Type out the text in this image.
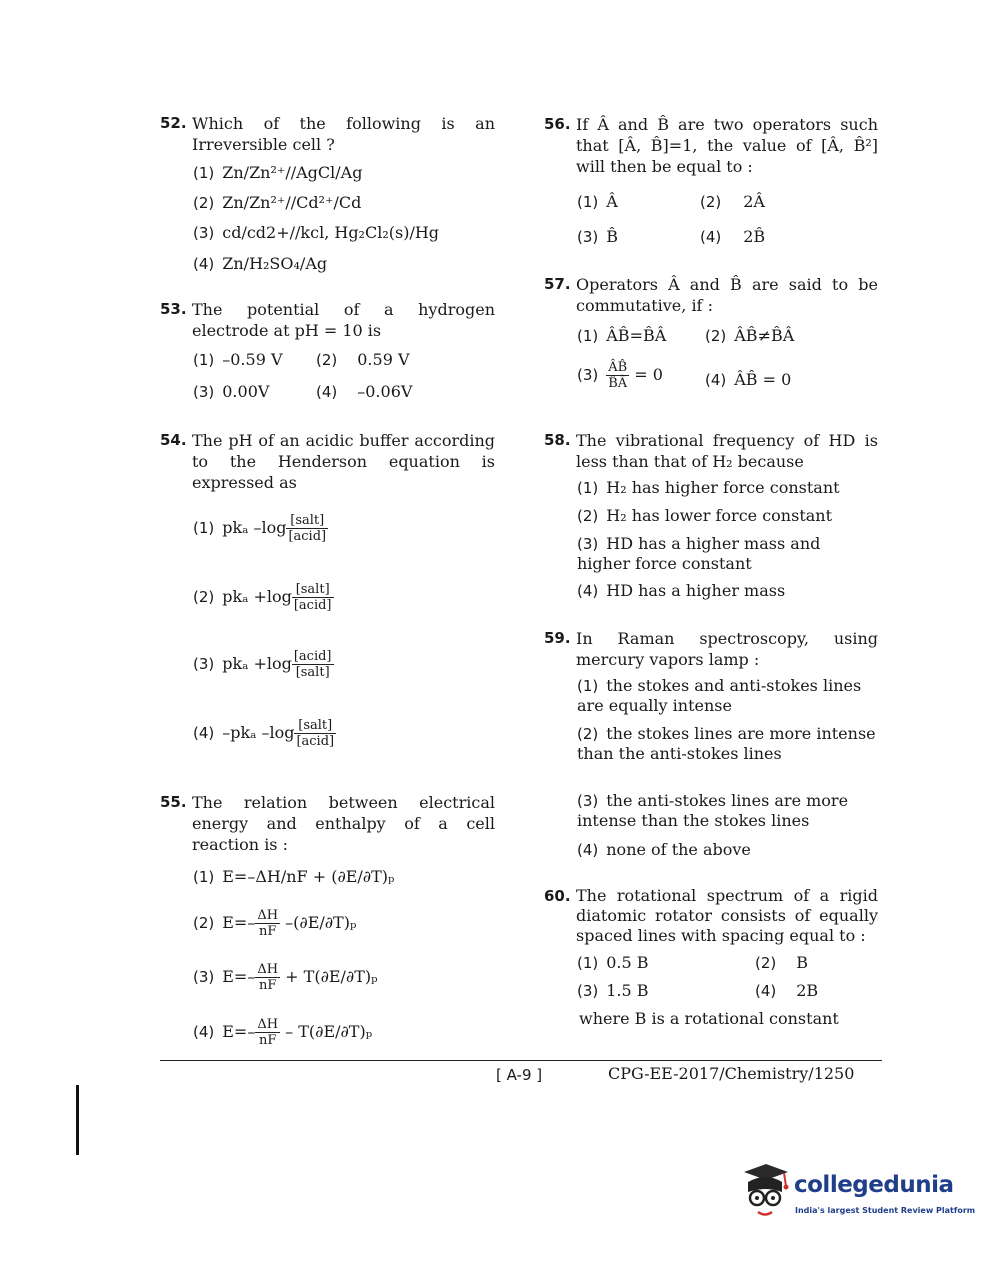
52. Which of the following is an Irreversible cell ?
(1) Zn/Zn²⁺//AgCl/Ag
(2) Zn/Zn²⁺//Cd²⁺/Cd
(3) cd/cd2+//kcl, Hg₂Cl₂(s)/Hg
(4) Zn/H₂SO₄/Ag
53. The potential of a hydrogen electrode at pH = 10 is
(1) –0.59 V (2) 0.59 V
(3) 0.00V	(4) –0.06V
54. The pH of an acidic buffer according to the Henderson equation is expressed as
(1) pkₐ $-\log \frac{\text{[salt]}}{\text{[acid]}}$
(2) $pk_a +\log \frac{\text{[salt]}}{\text{[acid]}}$
(3) $pk_a +\log \frac{\text{[acid]}}{\text{[salt]}}$
(4) –pkₐ $-\log \frac{\text{[salt]}}{\text{[acid]}}$
55. The relation between electrical energy and enthalpy of a cell reaction is :
(1) E=–ΔH/nF + (∂E/∂T)ₚ
(2) $E=- \frac{\Delta H}{nF} -(\partial E/\partial T)_p$
(3) $E=- \frac{\Delta H}{nF} + T(\partial E/\partial T)_p$
(4) $E=- \frac{\Delta H}{nF} - T(\partial E/\partial T)_p$
56. If Â and B̂ are two operators such that [Â, B̂]=1, the value of [Â, B̂²] will then be equal to :
(1) Â	(2) 2Â
(3) B̂	(4) 2B̂
57. Operators Â and B̂ are said to be commutative, if :
(1) ÂB̂=B̂Â	(2) ÂB̂≠B̂Â
$(3) \frac{ÂB̂}{B̂Â} = 0$	(4) ÂB̂ = 0
58. The vibrational frequency of HD is less than that of H₂ because
(1) H₂ has higher force constant
(2) H₂ has lower force constant
(3) HD has a higher mass and higher force constant
(4) HD has a higher mass
59. In Raman spectroscopy, using mercury vapors lamp :
(1) the stokes and anti-stokes lines are equally intense
(2) the stokes lines are more intense than the anti-stokes lines
(3) the anti-stokes lines are more intense than the stokes lines
(4) none of the above
60. The rotational spectrum of a rigid diatomic rotator consists of equally spaced lines with spacing equal to :
(1) 0.5 B	(2) B
(3) 1.5 B	(4) 2B
where B is a rotational constant
[ A-9 ]	CPG-EE-2017/Chemistry/1250
collegedunia
India's largest Student Review Platform
